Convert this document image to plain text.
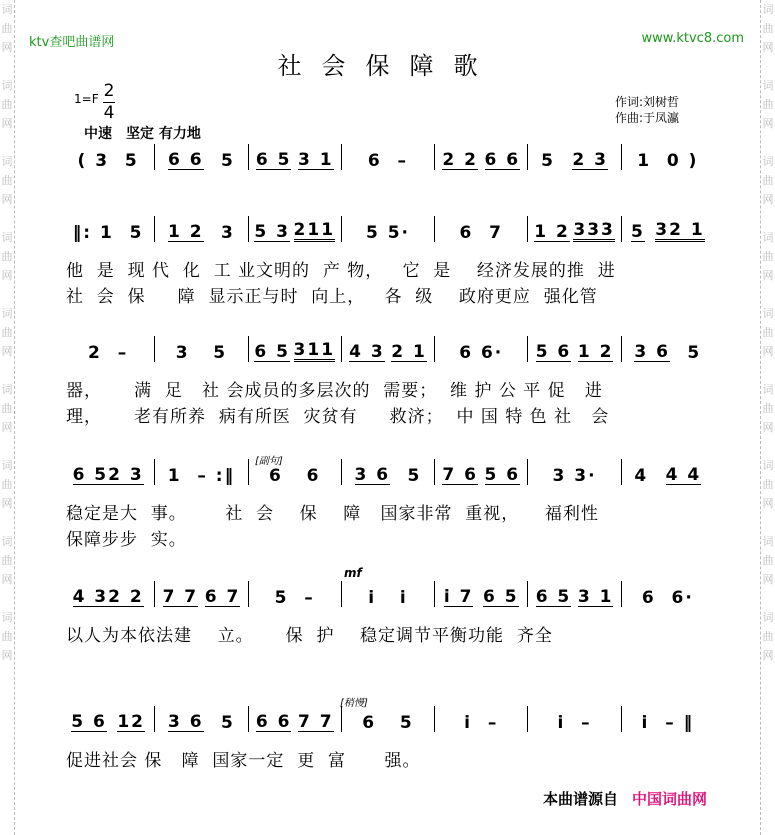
词
曲
网

词
曲
网

词
曲
网

词
曲
网

词
曲
网

词
曲
网

词
曲
网

词
曲
网

词
曲
网

词
曲
网

词
曲
网

词
曲
网

词
曲
网

词
曲
网

词
曲
网

词
曲
网

词
曲
网

词
曲
网

ktv查吧曲谱网	www.ktvc8.com
社会保障歌
1=F 2
4
中速　坚定 有力地
作词:刘树哲
作曲:于凤瀛
[副句]
mf
[稍慢]
( 3  5 6 6 5 6 5 3 1 6  – 2 2 6 6 5 2 3 1  0 )
‖: 1  5 1 2 3 5 3 211 5 5·	6  7 1 2 333 5 32 1
他  是  现 代  化  工 业文明的  产 物，   它  是    经济发展的推  进
社  会  保     障  显示正与时  向上，   各  级    政府更应  强化管
2  –	3   5 6 5 311 4 3 2 1 6 6· 5 6 1 2 3 6 5
器，     满  足   社 会成员的多层次的  需要；  维 护 公 平 促   进
理，     老有所养  病有所医  灾贫有     救济；  中 国 特 色 社   会
6 52 3 1  – :‖ 6   6 3 6 5 7 6 5 6 3 3· 4 4 4
稳定是大  事。      社  会    保    障   国家非常  重视，    福利性
保障步步  实。
4 32 2 7 7 6 7 5  –	i̇   i̇ i̇ 7 6 5 6 5 3 1 6  6·
以人为本依法建    立。     保  护    稳定调节平衡功能  齐全
5 6 12 3 6 5 6 6 7 7 6   5	i̇  –	i̇  –	i̇  – ‖
促进社会 保   障  国家一定  更  富      强。
本曲谱源自 中国词曲网
